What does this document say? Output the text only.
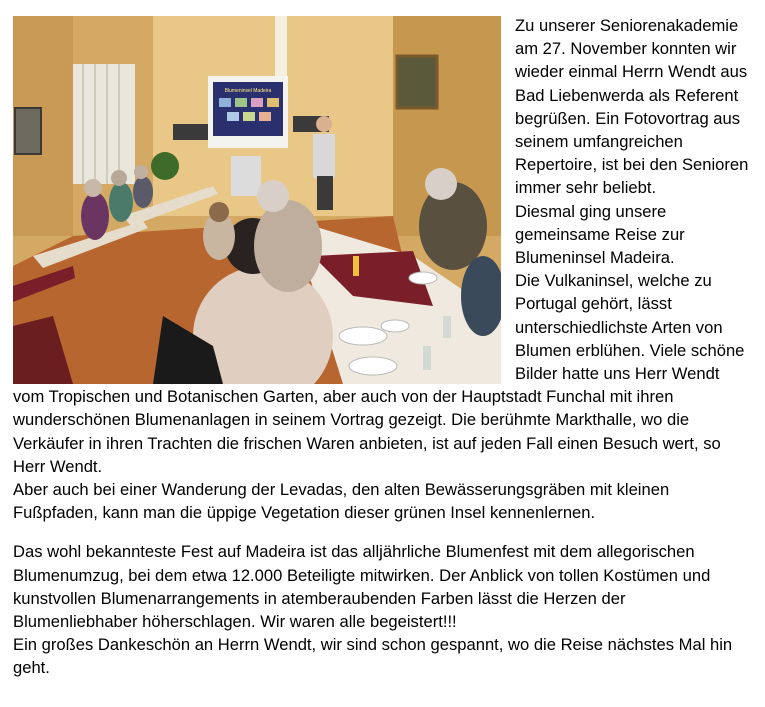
Blumeninsel Madeira

Zu unserer Seniorenakademie am 27. November konnten wir wieder einmal Herrn Wendt aus Bad Liebenwerda als Referent begrüßen. Ein Fotovortrag aus seinem umfangreichen Repertoire, ist bei den Senioren immer sehr beliebt.

Diesmal ging unsere gemeinsame Reise zur Blumeninsel Madeira.

Die Vulkaninsel, welche zu Portugal gehört, lässt unterschiedlichste Arten von Blumen erblühen. Viele schöne Bilder hatte uns Herr Wendt vom Tropischen und Botanischen Garten, aber auch von der Hauptstadt Funchal mit ihren wunderschönen Blumenanlagen in seinem Vortrag gezeigt. Die berühmte Markthalle, wo die Verkäufer in ihren Trachten die frischen Waren anbieten, ist auf jeden Fall einen Besuch wert, so Herr Wendt.

Aber auch bei einer Wanderung der Levadas, den alten Bewässerungsgräben mit kleinen Fußpfaden, kann man die üppige Vegetation dieser grünen Insel kennenlernen.

Das wohl bekannteste Fest auf Madeira ist das alljährliche Blumenfest mit dem allegorischen Blumenumzug, bei dem etwa 12.000 Beteiligte mitwirken. Der Anblick von tollen Kostümen und kunstvollen Blumenarrangements in atemberaubenden Farben lässt die Herzen der Blumenliebhaber höherschlagen. Wir waren alle begeistert!!!

Ein großes Dankeschön an Herrn Wendt, wir sind schon gespannt, wo die Reise nächstes Mal hin geht.
